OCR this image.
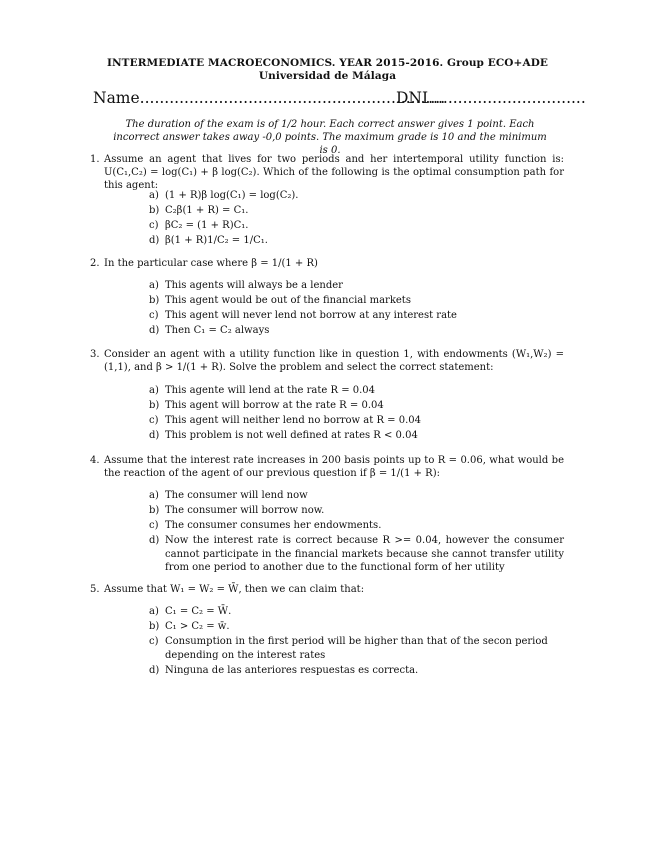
INTERMEDIATE MACROECONOMICS. YEAR 2015-2016. Group ECO+ADE
Universidad de Málaga
Name..............................................................
DNI................................
The duration of the exam is of 1/2 hour. Each correct answer gives 1 point. Each incorrect answer takes away -0,0 points. The maximum grade is 10 and the minimum is 0.
1. Assume an agent that lives for two periods and her intertemporal utility function is: U(C₁,C₂) = log(C₁) + β log(C₂). Which of the following is the optimal consumption path for this agent:
a) (1 + R)β log(C₁) = log(C₂).
b) C₂β(1 + R) = C₁.
c) βC₂ = (1 + R)C₁.
d) β(1 + R)1/C₂ = 1/C₁.
2. In the particular case where β = 1/(1 + R)
a) This agents will always be a lender
b) This agent would be out of the financial markets
c) This agent will never lend not borrow at any interest rate
d) Then C₁ = C₂ always
3. Consider an agent with a utility function like in question 1, with endowments (W₁,W₂) = (1,1), and β > 1/(1 + R). Solve the problem and select the correct statement:
a) This agente will lend at the rate R = 0.04
b) This agent will borrow at the rate R = 0.04
c) This agent will neither lend no borrow at R = 0.04
d) This problem is not well defined at rates R < 0.04
4. Assume that the interest rate increases in 200 basis points up to R = 0.06, what would be the reaction of the agent of our previous question if β = 1/(1 + R):
a) The consumer will lend now
b) The consumer will borrow now.
c) The consumer consumes her endowments.
d) Now the interest rate is correct because R >= 0.04, however the consumer cannot participate in the financial markets because she cannot transfer utility from one period to another due to the functional form of her utility
5. Assume that W₁ = W₂ = W̄, then we can claim that:
a) C₁ = C₂ = W̄.
b) C₁ > C₂ = w̄.
c) Consumption in the first period will be higher than that of the secon period depending on the interest rates
d) Ninguna de las anteriores respuestas es correcta.
